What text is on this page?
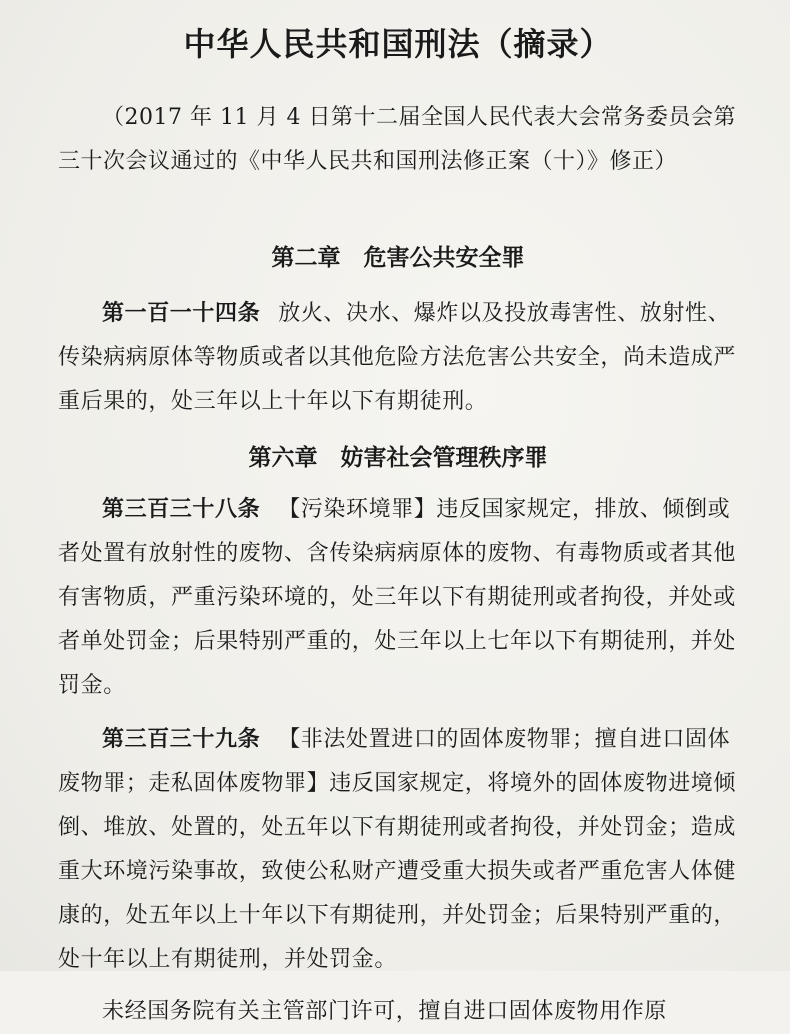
中华人民共和国刑法（摘录）

（2017 年 11 月 4 日第十二届全国人民代表大会常务委员会第三十次会议通过的《中华人民共和国刑法修正案（十）》修正）

第二章　危害公共安全罪

第一百一十四条 放火、决水、爆炸以及投放毒害性、放射性、传染病病原体等物质或者以其他危险方法危害公共安全，尚未造成严重后果的，处三年以上十年以下有期徒刑。

第六章　妨害社会管理秩序罪

第三百三十八条 【污染环境罪】违反国家规定，排放、倾倒或者处置有放射性的废物、含传染病病原体的废物、有毒物质或者其他有害物质，严重污染环境的，处三年以下有期徒刑或者拘役，并处或者单处罚金；后果特别严重的，处三年以上七年以下有期徒刑，并处罚金。

第三百三十九条 【非法处置进口的固体废物罪；擅自进口固体废物罪；走私固体废物罪】违反国家规定，将境外的固体废物进境倾倒、堆放、处置的，处五年以下有期徒刑或者拘役，并处罚金；造成重大环境污染事故，致使公私财产遭受重大损失或者严重危害人体健康的，处五年以上十年以下有期徒刑，并处罚金；后果特别严重的，处十年以上有期徒刑，并处罚金。

未经国务院有关主管部门许可，擅自进口固体废物用作原
